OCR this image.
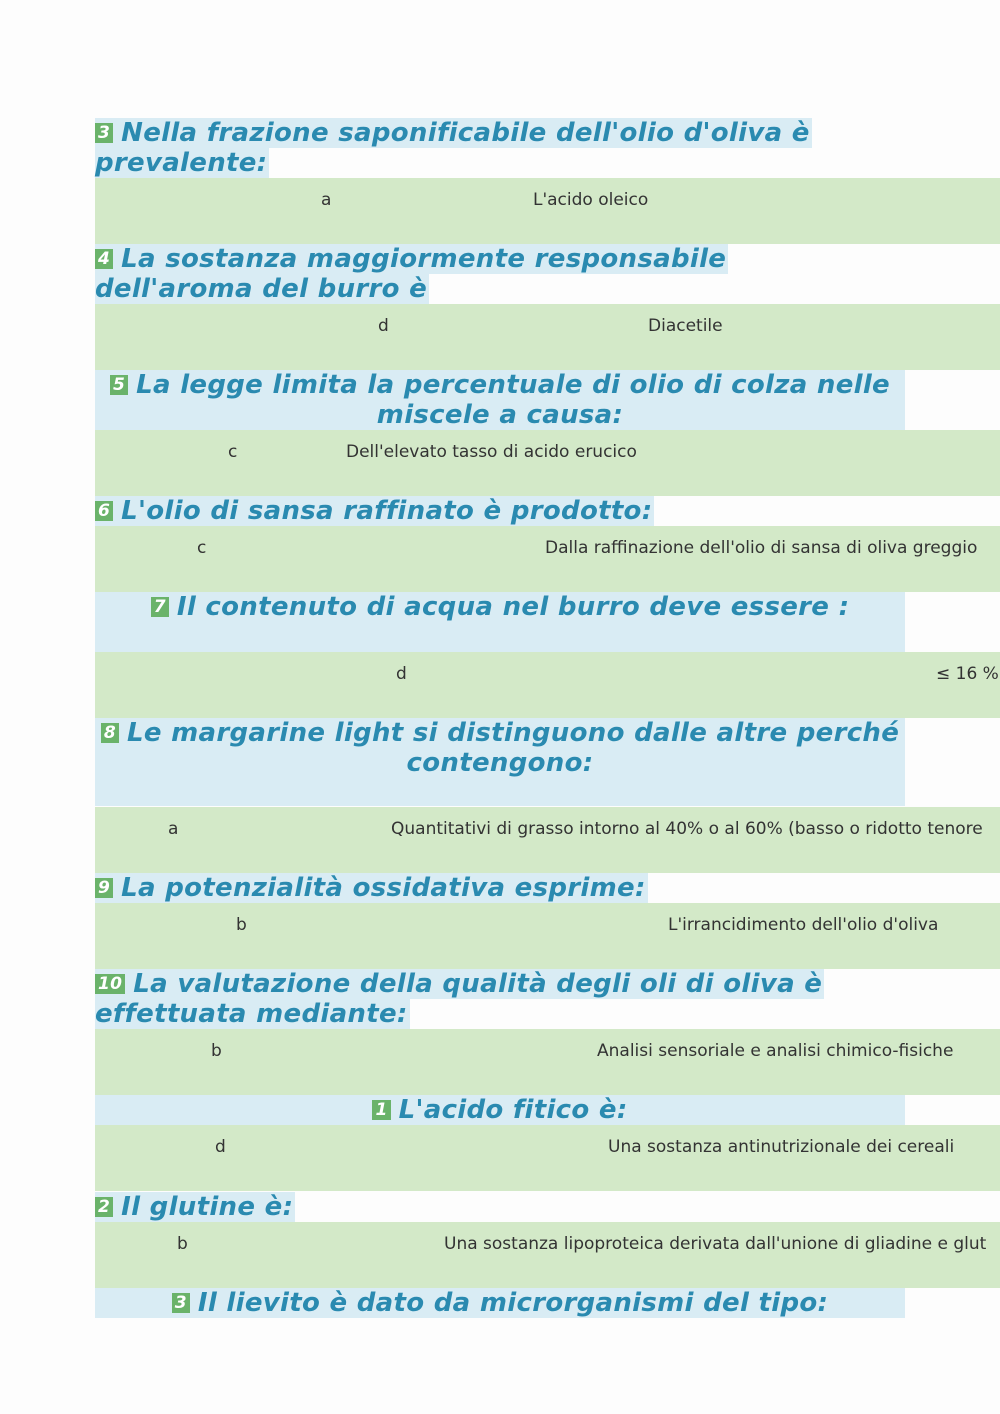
3 Nella frazione saponificabile dell'olio d'oliva è prevalente:
a	L'acido oleico
4 La sostanza maggiormente responsabile dell'aroma del burro è
d	Diacetile
5 La legge limita la percentuale di olio di colza nelle miscele a causa:
c	Dell'elevato tasso di acido erucico
6 L'olio di sansa raffinato è prodotto:
c	Dalla raffinazione dell'olio di sansa di oliva greggio
7 Il contenuto di acqua nel burro deve essere :
d	≤ 16 %
8 Le margarine light si distinguono dalle altre perché contengono:
a	Quantitativi di grasso intorno al 40% o al 60% (basso o ridotto tenore
9 La potenzialità ossidativa esprime:
b	L'irrancidimento dell'olio d'oliva
10 La valutazione della qualità degli oli di oliva è effettuata mediante:
b	Analisi sensoriale e analisi chimico-fisiche
1 L'acido fitico è:
d	Una sostanza antinutrizionale dei cereali
2 Il glutine è:
b	Una sostanza lipoproteica derivata dall'unione di gliadine e glut
3 Il lievito è dato da microrganismi del tipo:
